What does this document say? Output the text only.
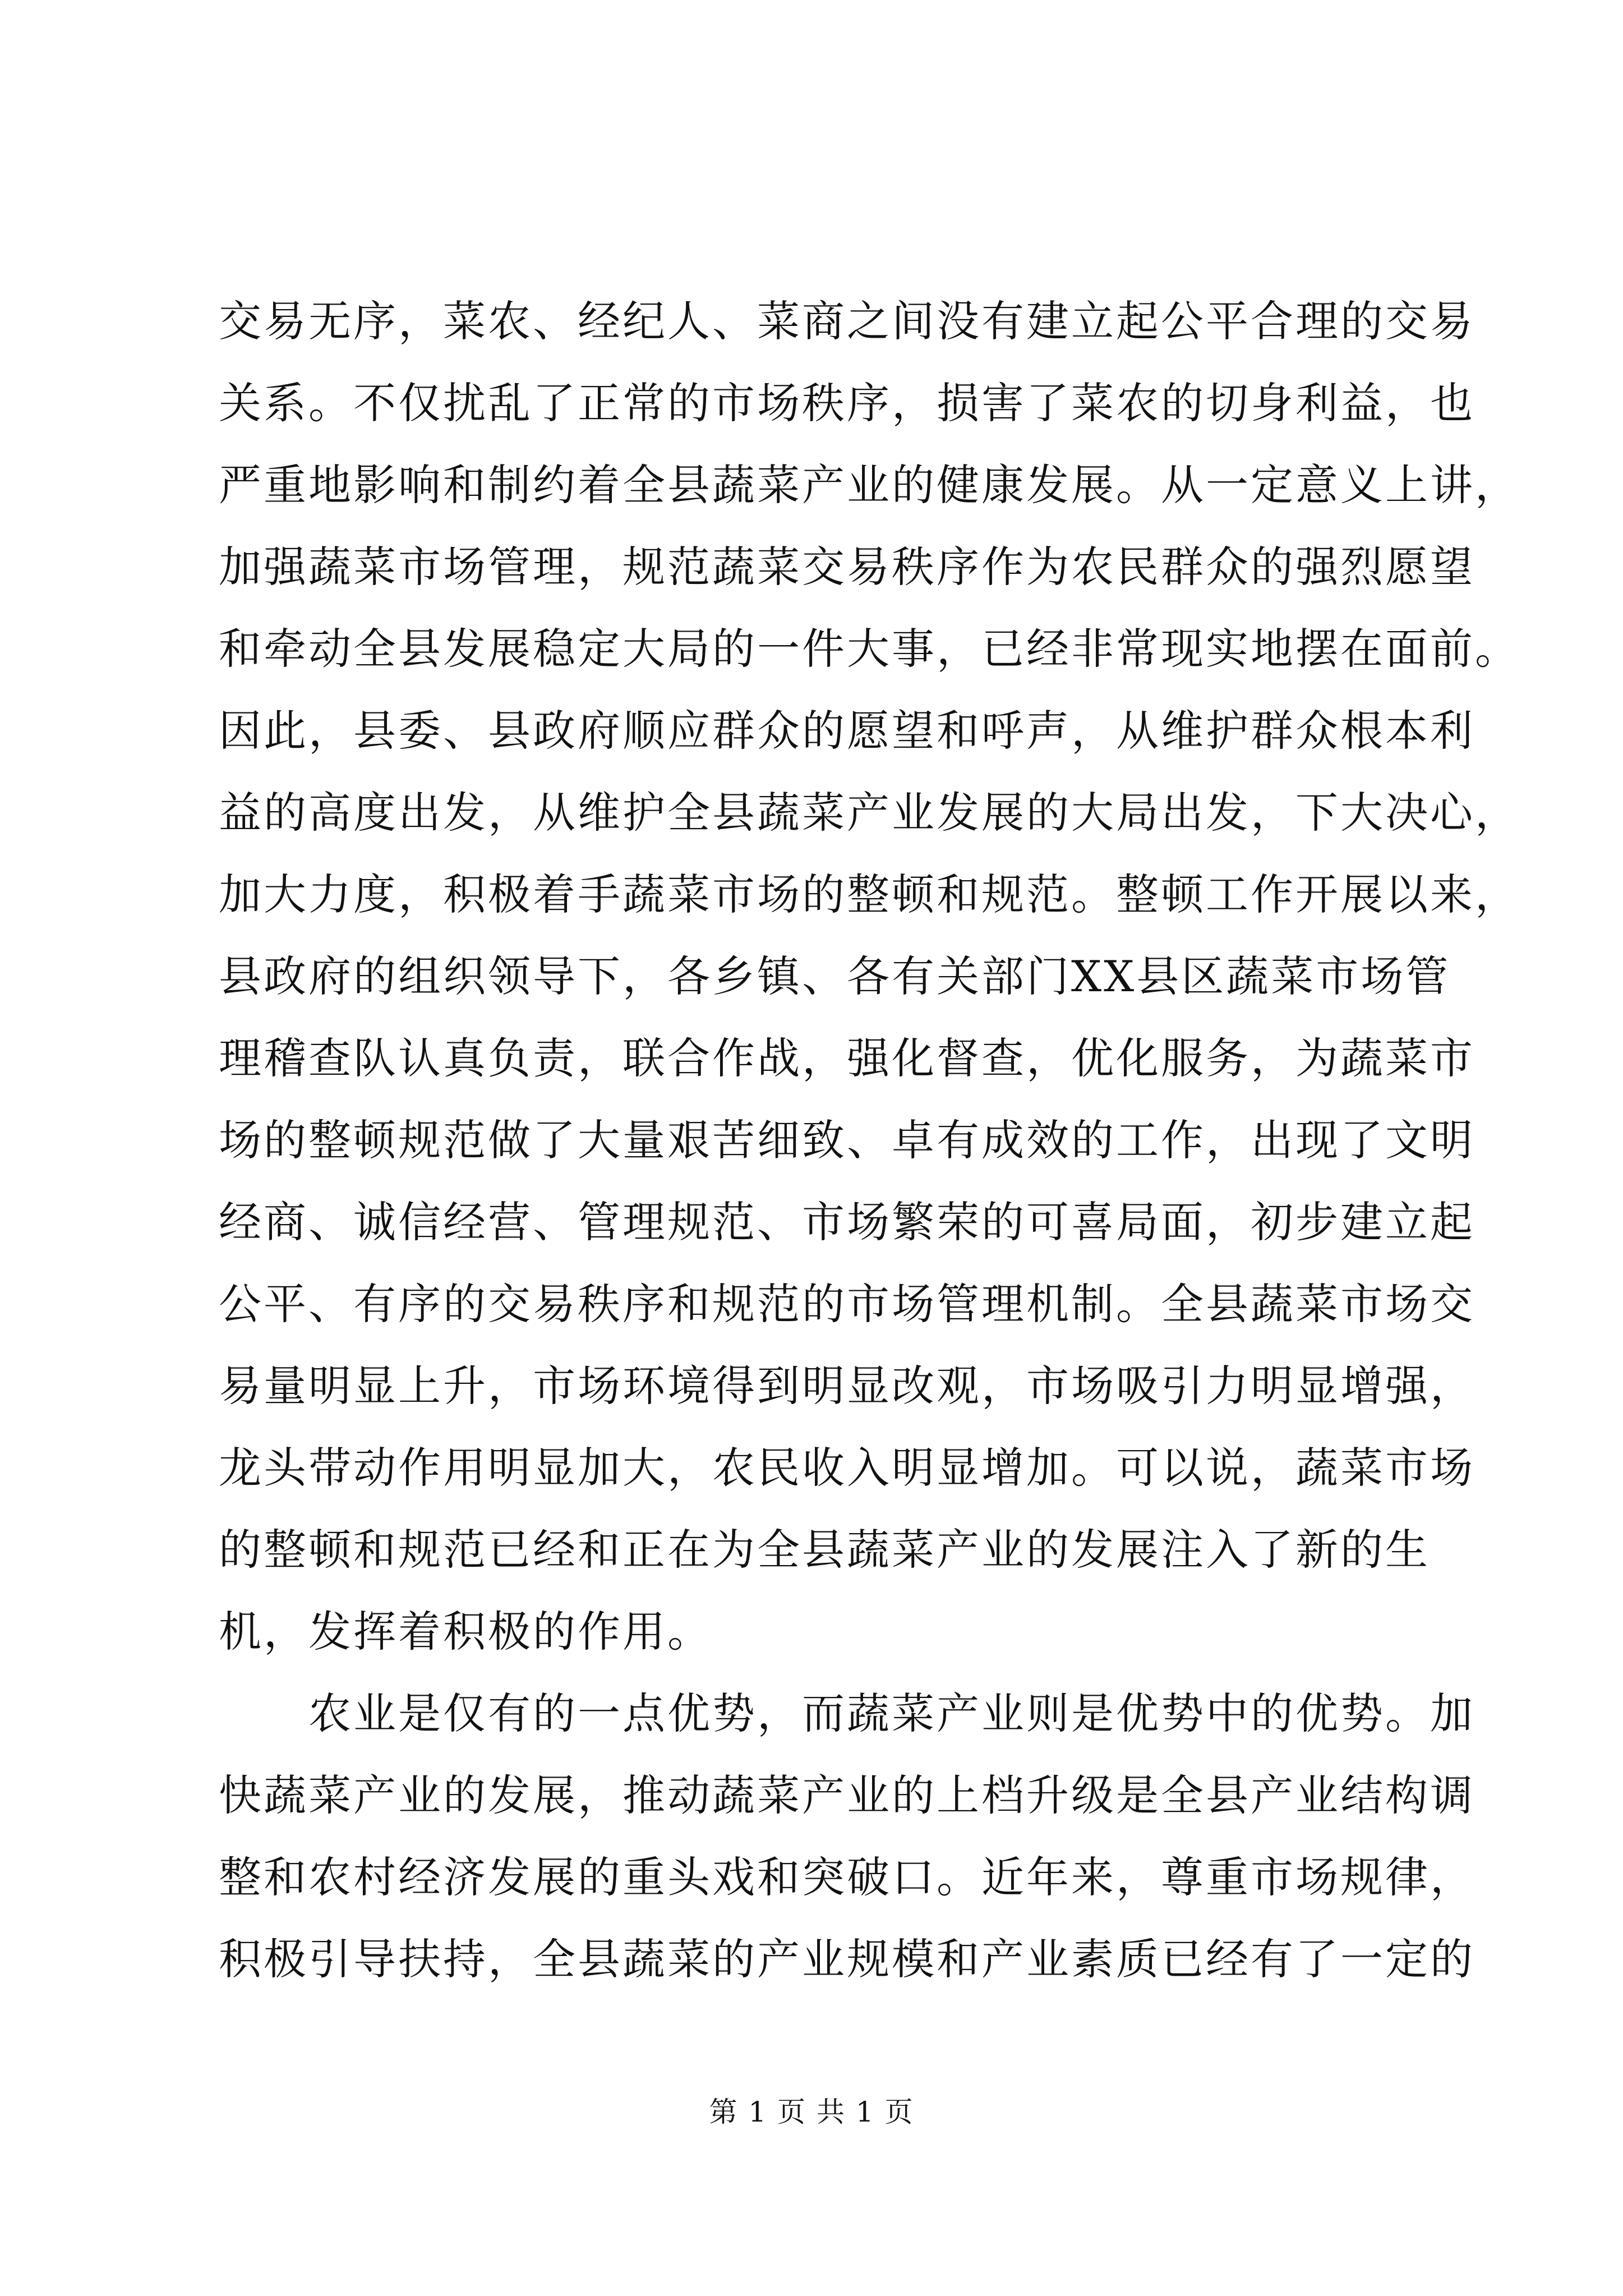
交易无序，菜农、经纪人、菜商之间没有建立起公平合理的交易
关系。不仅扰乱了正常的市场秩序，损害了菜农的切身利益，也
严重地影响和制约着全县蔬菜产业的健康发展。从一定意义上讲，
加强蔬菜市场管理，规范蔬菜交易秩序作为农民群众的强烈愿望
和牵动全县发展稳定大局的一件大事，已经非常现实地摆在面前。
因此，县委、县政府顺应群众的愿望和呼声，从维护群众根本利
益的高度出发，从维护全县蔬菜产业发展的大局出发，下大决心，
加大力度，积极着手蔬菜市场的整顿和规范。整顿工作开展以来，
县政府的组织领导下，各乡镇、各有关部门XX县区蔬菜市场管
理稽查队认真负责，联合作战，强化督查，优化服务，为蔬菜市
场的整顿规范做了大量艰苦细致、卓有成效的工作，出现了文明
经商、诚信经营、管理规范、市场繁荣的可喜局面，初步建立起
公平、有序的交易秩序和规范的市场管理机制。全县蔬菜市场交
易量明显上升，市场环境得到明显改观，市场吸引力明显增强，
龙头带动作用明显加大，农民收入明显增加。可以说，蔬菜市场
的整顿和规范已经和正在为全县蔬菜产业的发展注入了新的生
机，发挥着积极的作用。
　　农业是仅有的一点优势，而蔬菜产业则是优势中的优势。加
快蔬菜产业的发展，推动蔬菜产业的上档升级是全县产业结构调
整和农村经济发展的重头戏和突破口。近年来，尊重市场规律，
积极引导扶持，全县蔬菜的产业规模和产业素质已经有了一定的
第 1 页 共 1 页
